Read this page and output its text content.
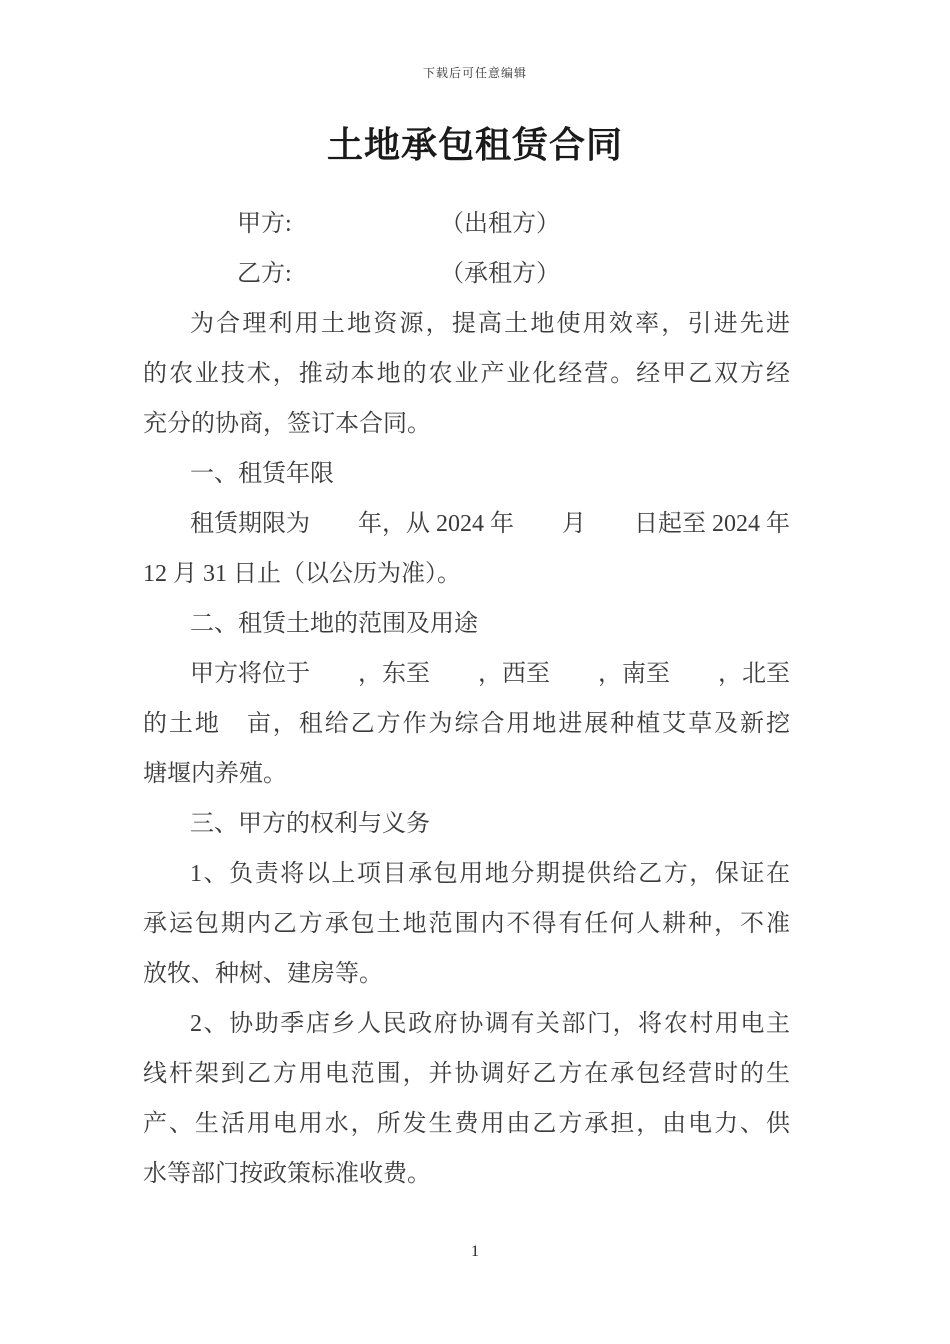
下载后可任意编辑
土地承包租赁合同
甲方:	（出租方）
乙方:	（承租方）
为合理利用土地资源，提高土地使用效率，引进先进
的农业技术，推动本地的农业产业化经营。经甲乙双方经
充分的协商，签订本合同。
一、租赁年限
租赁期限为　　年，从 2024 年　　月　　日起至 2024 年
12 月 31 日止（以公历为准）。
二、租赁土地的范围及用途
甲方将位于　　，东至　　，西至　　，南至　　，北至
的土地　亩，租给乙方作为综合用地进展种植艾草及新挖
塘堰内养殖。
三、甲方的权利与义务
1、负责将以上项目承包用地分期提供给乙方，保证在
承运包期内乙方承包土地范围内不得有任何人耕种，不准
放牧、种树、建房等。
2、协助季店乡人民政府协调有关部门，将农村用电主
线杆架到乙方用电范围，并协调好乙方在承包经营时的生
产、生活用电用水，所发生费用由乙方承担，由电力、供
水等部门按政策标准收费。
1
